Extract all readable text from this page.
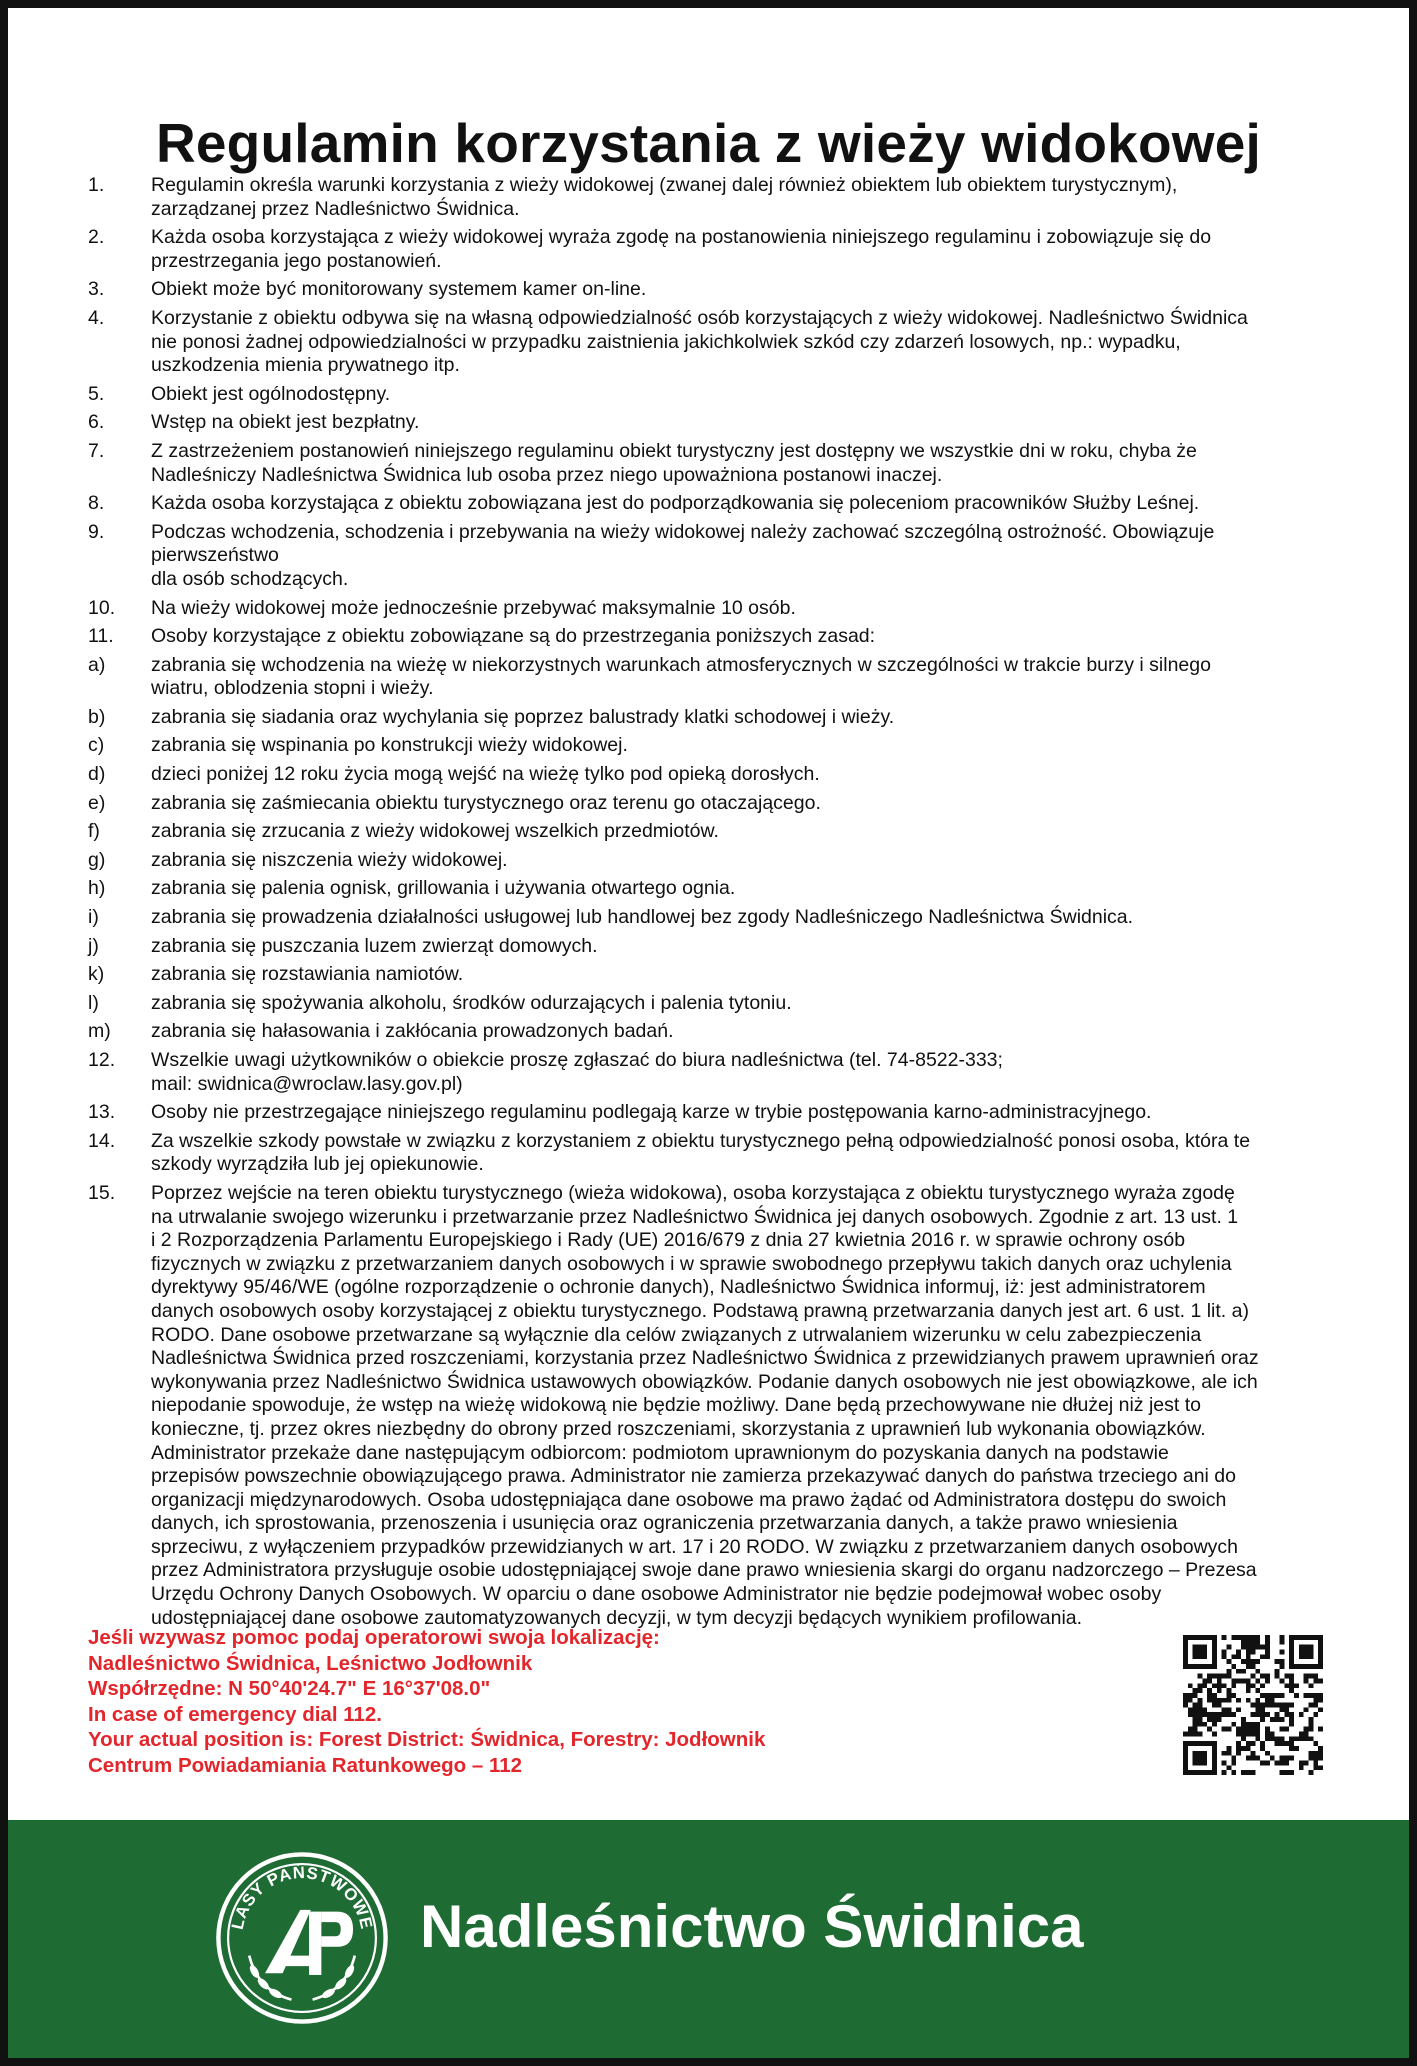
Regulamin korzystania z wieży widokowej
1.	Regulamin określa warunki korzystania z wieży widokowej (zwanej dalej również obiektem lub obiektem turystycznym),
zarządzanej przez Nadleśnictwo Świdnica.
2.	Każda osoba korzystająca z wieży widokowej wyraża zgodę na postanowienia niniejszego regulaminu i zobowiązuje się do
przestrzegania jego postanowień.
3.	Obiekt może być monitorowany systemem kamer on-line.
4.	Korzystanie z obiektu odbywa się na własną odpowiedzialność osób korzystających z wieży widokowej. Nadleśnictwo Świdnica
nie ponosi żadnej odpowiedzialności w przypadku zaistnienia jakichkolwiek szkód czy zdarzeń losowych, np.: wypadku,
uszkodzenia mienia prywatnego itp.
5.	Obiekt jest ogólnodostępny.
6.	Wstęp na obiekt jest bezpłatny.
7.	Z zastrzeżeniem postanowień niniejszego regulaminu obiekt turystyczny jest dostępny we wszystkie dni w roku, chyba że
Nadleśniczy Nadleśnictwa Świdnica lub osoba przez niego upoważniona postanowi inaczej.
8.	Każda osoba korzystająca z obiektu zobowiązana jest do podporządkowania się poleceniom pracowników Służby Leśnej.
9.	Podczas wchodzenia, schodzenia i przebywania na wieży widokowej należy zachować szczególną ostrożność. Obowiązuje
pierwszeństwo
dla osób schodzących.
10.	Na wieży widokowej może jednocześnie przebywać maksymalnie 10 osób.
11.	Osoby korzystające z obiektu zobowiązane są do przestrzegania poniższych zasad:
a)	zabrania się wchodzenia na wieżę w niekorzystnych warunkach atmosferycznych w szczególności w trakcie burzy i silnego
wiatru, oblodzenia stopni i wieży.
b)	zabrania się siadania oraz wychylania się poprzez balustrady klatki schodowej i wieży.
c)	zabrania się wspinania po konstrukcji wieży widokowej.
d)	dzieci poniżej 12 roku życia mogą wejść na wieżę tylko pod opieką dorosłych.
e)	zabrania się zaśmiecania obiektu turystycznego oraz terenu go otaczającego.
f)	zabrania się zrzucania z wieży widokowej wszelkich przedmiotów.
g)	zabrania się niszczenia wieży widokowej.
h)	zabrania się palenia ognisk, grillowania i używania otwartego ognia.
i)	zabrania się prowadzenia działalności usługowej lub handlowej bez zgody Nadleśniczego Nadleśnictwa Świdnica.
j)	zabrania się puszczania luzem zwierząt domowych.
k)	zabrania się rozstawiania namiotów.
l)	zabrania się spożywania alkoholu, środków odurzających i palenia tytoniu.
m)	zabrania się hałasowania i zakłócania prowadzonych badań.
12.	Wszelkie uwagi użytkowników o obiekcie proszę zgłaszać do biura nadleśnictwa (tel. 74-8522-333;
mail: swidnica@wroclaw.lasy.gov.pl)
13.	Osoby nie przestrzegające niniejszego regulaminu podlegają karze w trybie postępowania karno-administracyjnego.
14.	Za wszelkie szkody powstałe w związku z korzystaniem z obiektu turystycznego pełną odpowiedzialność ponosi osoba, która te
szkody wyrządziła lub jej opiekunowie.
15.	Poprzez wejście na teren obiektu turystycznego (wieża widokowa), osoba korzystająca z obiektu turystycznego wyraża zgodę
na utrwalanie swojego wizerunku i przetwarzanie przez Nadleśnictwo Świdnica jej danych osobowych. Zgodnie z art. 13 ust. 1
i 2 Rozporządzenia Parlamentu Europejskiego i Rady (UE) 2016/679 z dnia 27 kwietnia 2016 r. w sprawie ochrony osób
fizycznych w związku z przetwarzaniem danych osobowych i w sprawie swobodnego przepływu takich danych oraz uchylenia
dyrektywy 95/46/WE (ogólne rozporządzenie o ochronie danych), Nadleśnictwo Świdnica informuj, iż: jest administratorem
danych osobowych osoby korzystającej z obiektu turystycznego. Podstawą prawną przetwarzania danych jest art. 6 ust. 1 lit. a)
RODO. Dane osobowe przetwarzane są wyłącznie dla celów związanych z utrwalaniem wizerunku w celu zabezpieczenia
Nadleśnictwa Świdnica przed roszczeniami, korzystania przez Nadleśnictwo Świdnica z przewidzianych prawem uprawnień oraz
wykonywania przez Nadleśnictwo Świdnica ustawowych obowiązków. Podanie danych osobowych nie jest obowiązkowe, ale ich
niepodanie spowoduje, że wstęp na wieżę widokową nie będzie możliwy. Dane będą przechowywane nie dłużej niż jest to
konieczne, tj. przez okres niezbędny do obrony przed roszczeniami, skorzystania z uprawnień lub wykonania obowiązków.
Administrator przekaże dane następującym odbiorcom: podmiotom uprawnionym do pozyskania danych na podstawie
przepisów powszechnie obowiązującego prawa. Administrator nie zamierza przekazywać danych do państwa trzeciego ani do
organizacji międzynarodowych. Osoba udostępniająca dane osobowe ma prawo żądać od Administratora dostępu do swoich
danych, ich sprostowania, przenoszenia i usunięcia oraz ograniczenia przetwarzania danych, a także prawo wniesienia
sprzeciwu, z wyłączeniem przypadków przewidzianych w art. 17 i 20 RODO. W związku z przetwarzaniem danych osobowych
przez Administratora przysługuje osobie udostępniającej swoje dane prawo wniesienia skargi do organu nadzorczego – Prezesa
Urzędu Ochrony Danych Osobowych. W oparciu o dane osobowe Administrator nie będzie podejmował wobec osoby
udostępniającej dane osobowe zautomatyzowanych decyzji, w tym decyzji będących wynikiem profilowania.
Jeśli wzywasz pomoc podaj operatorowi swoja lokalizację:
Nadleśnictwo Świdnica, Leśnictwo Jodłownik
Współrzędne: N 50°40'24.7" E 16°37'08.0"
In case of emergency dial 112.
Your actual position is: Forest District: Świdnica, Forestry: Jodłownik
Centrum Powiadamiania Ratunkowego – 112
LASY PAŃSTWOWE Nadleśnictwo Świdnica
